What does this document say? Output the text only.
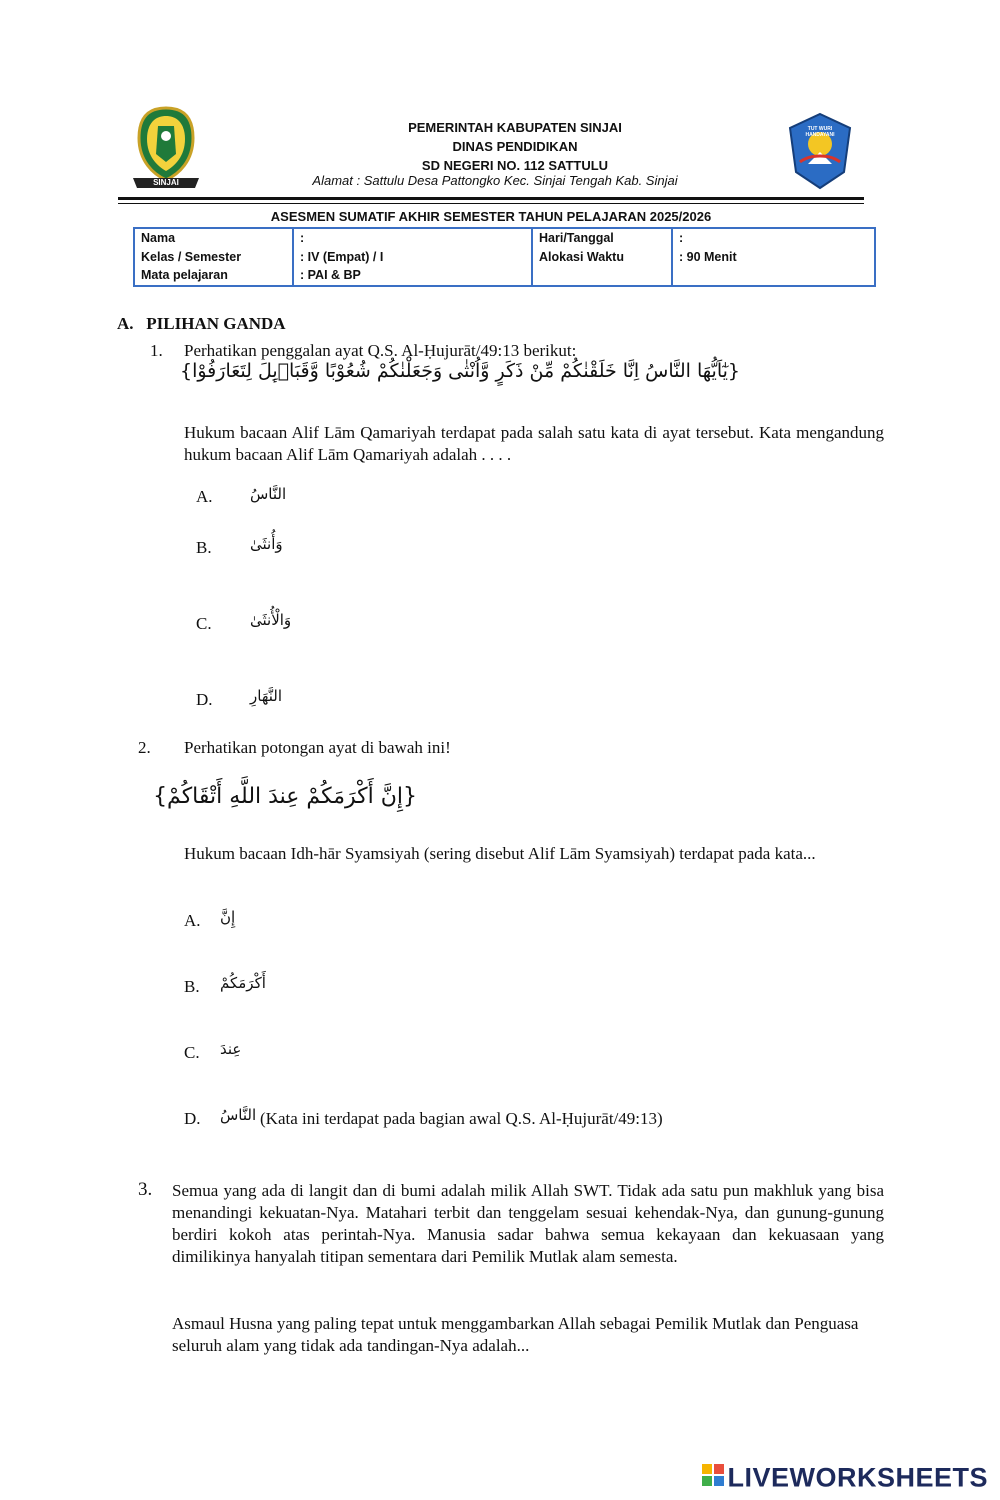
SINJAI
PEMERINTAH KABUPATEN SINJAI
DINAS PENDIDIKAN
SD NEGERI NO. 112 SATTULU
Alamat : Sattulu Desa Pattongko Kec. Sinjai Tengah Kab. Sinjai
TUT WURI HANDAYANI
ASESMEN SUMATIF AKHIR SEMESTER TAHUN PELAJARAN 2025/2026
Nama	:	Hari/Tanggal	:
Kelas / Semester	: IV (Empat) / I	Alokasi Waktu	: 90 Menit
Mata pelajaran	: PAI & BP		
A.   PILIHAN GANDA
1. Perhatikan penggalan ayat Q.S. Al-Ḥujurāt/49:13 berikut:
{يٰٓاَيُّهَا النَّاسُ اِنَّا خَلَقْنٰكُمْ مِّنْ ذَكَرٍ وَّاُنْثٰى وَجَعَلْنٰكُمْ شُعُوْبًا وَّقَبَاۤىِٕلَ لِتَعَارَفُوْا}
Hukum bacaan Alif Lām Qamariyah terdapat pada salah satu kata di ayat tersebut. Kata mengandung hukum bacaan Alif Lām Qamariyah adalah . . . .
A. النَّاسُ
B.	وَأُنثَىٰ
C.	وَالْأُنثَىٰ
D. النَّهَارِ
2. Perhatikan potongan ayat di bawah ini!
{إِنَّ أَكْرَمَكُمْ عِندَ اللَّهِ أَتْقَاكُمْ}
Hukum bacaan Idh-hār Syamsiyah (sering disebut Alif Lām Syamsiyah) terdapat pada kata...
A. إِنَّ
B. أَكْرَمَكُمْ
C. عِندَ
D. النَّاسُ (Kata ini terdapat pada bagian awal Q.S. Al-Ḥujurāt/49:13)
3. Semua yang ada di langit dan di bumi adalah milik Allah SWT. Tidak ada satu pun makhluk yang bisa menandingi kekuatan-Nya. Matahari terbit dan tenggelam sesuai kehendak-Nya, dan gunung-gunung berdiri kokoh atas perintah-Nya. Manusia sadar bahwa semua kekayaan dan kekuasaan yang dimilikinya hanyalah titipan sementara dari Pemilik Mutlak alam semesta.
Asmaul Husna yang paling tepat untuk menggambarkan Allah sebagai Pemilik Mutlak dan Penguasa seluruh alam yang tidak ada tandingan-Nya adalah...
LIVEWORKSHEETS
